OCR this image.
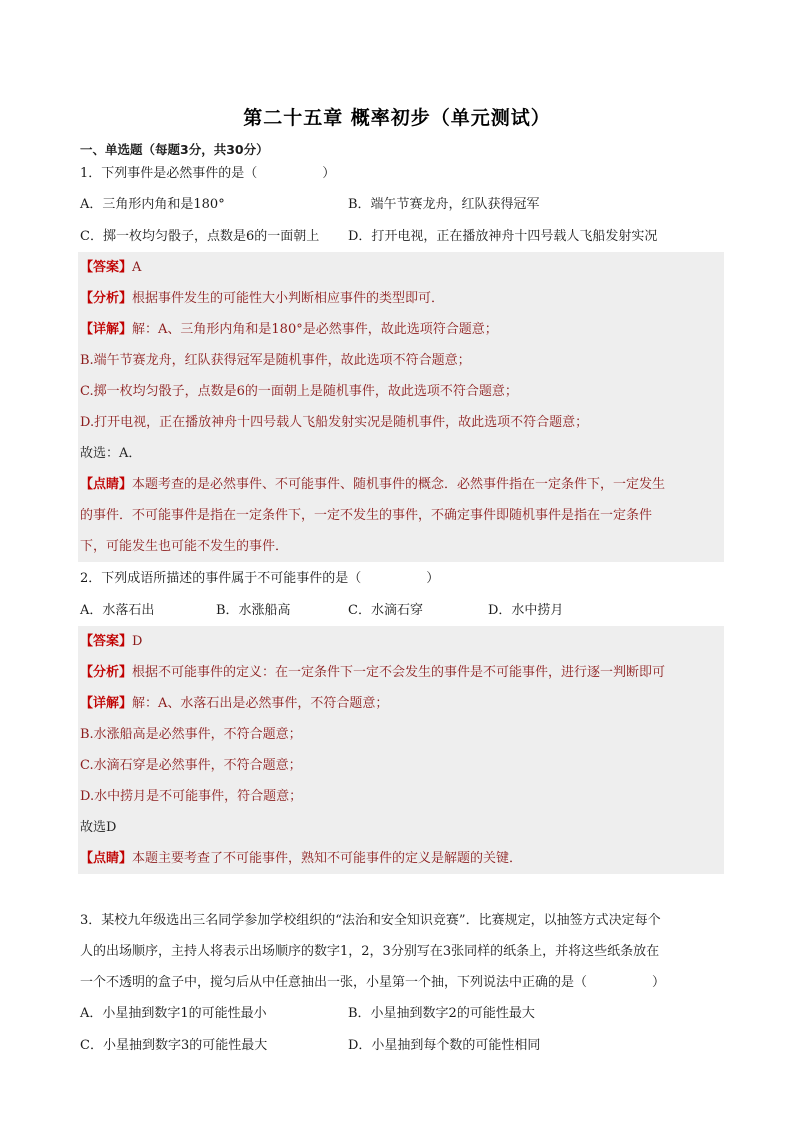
第二十五章 概率初步（单元测试）
一、单选题（每题3分，共30分）
1．下列事件是必然事件的是（　　　　　）
A．三角形内角和是180°	B．端午节赛龙舟，红队获得冠军
C．掷一枚均匀骰子，点数是6的一面朝上 D．打开电视，正在播放神舟十四号载人飞船发射实况
【答案】A
【分析】根据事件发生的可能性大小判断相应事件的类型即可．
【详解】解：A、三角形内角和是180°是必然事件，故此选项符合题意；
B.端午节赛龙舟，红队获得冠军是随机事件，故此选项不符合题意；
C.掷一枚均匀骰子，点数是6的一面朝上是随机事件，故此选项不符合题意；
D.打开电视，正在播放神舟十四号载人飞船发射实况是随机事件，故此选项不符合题意；
故选：A．
【点睛】本题考查的是必然事件、不可能事件、随机事件的概念．必然事件指在一定条件下，一定发生
的事件．不可能事件是指在一定条件下，一定不发生的事件，不确定事件即随机事件是指在一定条件
下，可能发生也可能不发生的事件．
2．下列成语所描述的事件属于不可能事件的是（　　　　　）
A．水落石出	B．水涨船高	C．水滴石穿	D．水中捞月
【答案】D
【分析】根据不可能事件的定义：在一定条件下一定不会发生的事件是不可能事件，进行逐一判断即可
【详解】解：A、水落石出是必然事件，不符合题意；
B.水涨船高是必然事件，不符合题意；
C.水滴石穿是必然事件，不符合题意；
D.水中捞月是不可能事件，符合题意；
故选D
【点睛】本题主要考查了不可能事件，熟知不可能事件的定义是解题的关键．
3．某校九年级选出三名同学参加学校组织的“法治和安全知识竞赛”．比赛规定，以抽签方式决定每个
人的出场顺序，主持人将表示出场顺序的数字1，2，3分别写在3张同样的纸条上，并将这些纸条放在
一个不透明的盒子中，搅匀后从中任意抽出一张，小星第一个抽，下列说法中正确的是（　　　　　）
A．小星抽到数字1的可能性最小	B．小星抽到数字2的可能性最大
C．小星抽到数字3的可能性最大	D．小星抽到每个数的可能性相同
